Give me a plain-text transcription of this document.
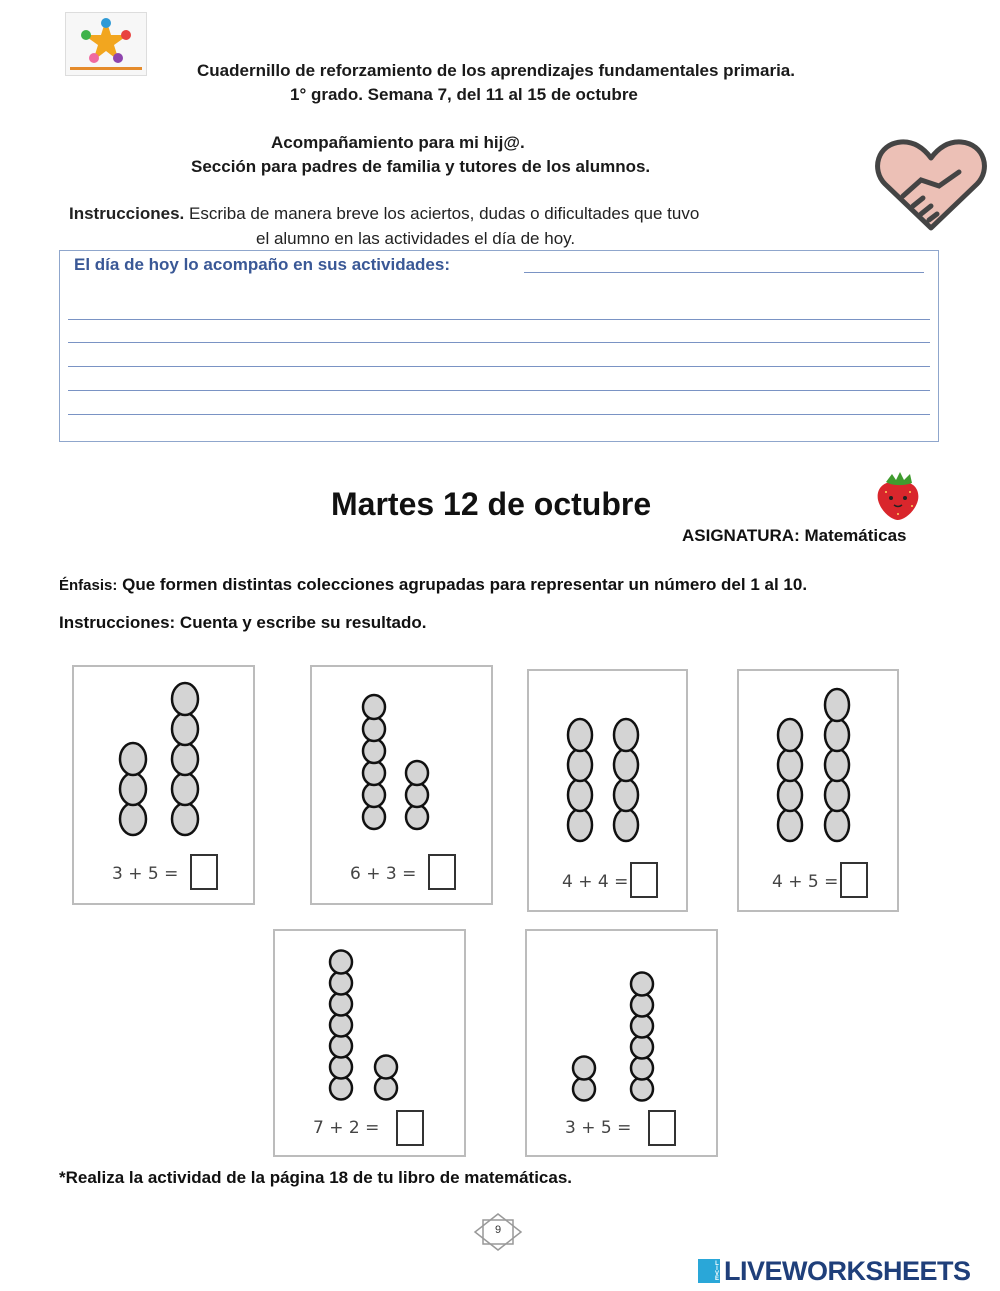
Cuadernillo de reforzamiento de los aprendizajes fundamentales primaria.
1° grado. Semana 7, del 11 al 15 de octubre
Acompañamiento para mi hij@.
Sección para padres de familia y tutores de los alumnos.
Instrucciones. Escriba de manera breve los aciertos, dudas o dificultades que tuvo
el alumno en las actividades el día de hoy.
El día de hoy lo acompaño en sus actividades:
Martes 12 de octubre
ASIGNATURA: Matemáticas
Énfasis: Que formen distintas colecciones agrupadas para representar un número del 1 al 10.
Instrucciones: Cuenta y escribe su resultado.
3 + 5 =	6 + 3 =	4 + 4 =	4 + 5 =
7 + 2 =	3 + 5 =
*Realiza la actividad de la página 18 de tu libro de matemáticas.
9
LIVE LIVEWORKSHEETS
